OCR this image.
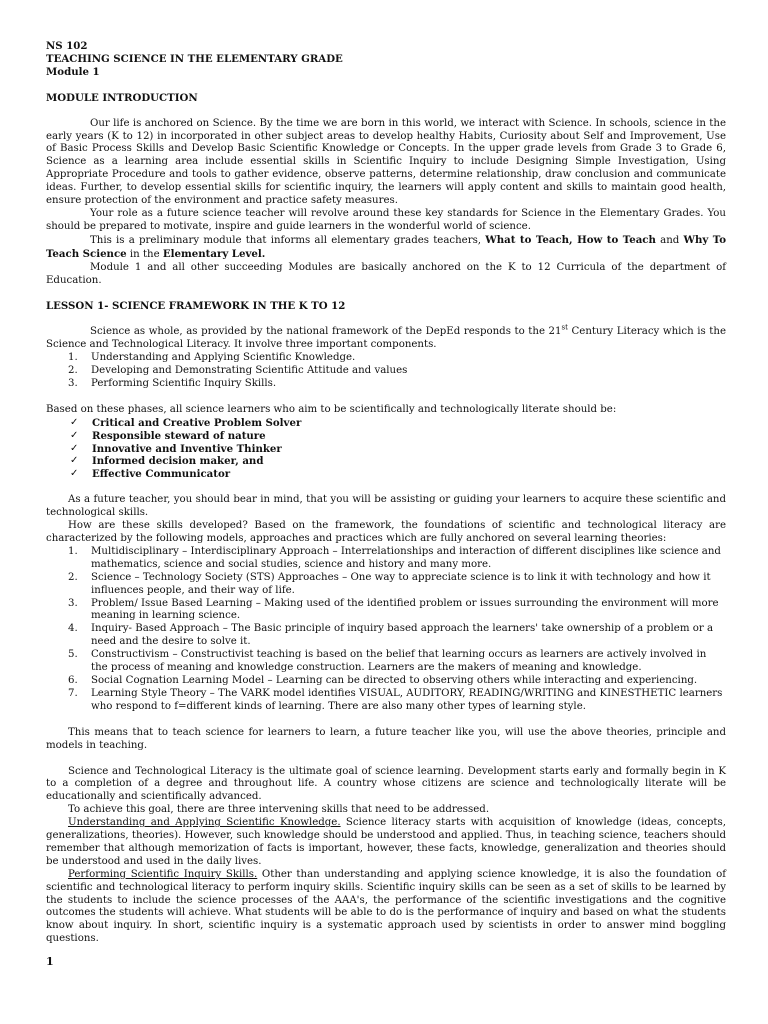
NS 102

TEACHING SCIENCE IN THE ELEMENTARY GRADE

Module 1

MODULE INTRODUCTION

Our life is anchored on Science. By the time we are born in this world, we interact with Science. In schools, science in the early years (K to 12) in incorporated in other subject areas to develop healthy Habits, Curiosity about Self and Improvement, Use of Basic Process Skills and Develop Basic Scientific Knowledge or Concepts. In the upper grade levels from Grade 3 to Grade 6, Science as a learning area include essential skills in Scientific Inquiry to include Designing Simple Investigation, Using Appropriate Procedure and tools to gather evidence, observe patterns, determine relationship, draw conclusion and communicate ideas. Further, to develop essential skills for scientific inquiry, the learners will apply content and skills to maintain good health, ensure protection of the environment and practice safety measures.

Your role as a future science teacher will revolve around these key standards for Science in the Elementary Grades. You should be prepared to motivate, inspire and guide learners in the wonderful world of science.

This is a preliminary module that informs all elementary grades teachers, What to Teach, How to Teach and Why To Teach Science in the Elementary Level.

Module 1 and all other succeeding Modules are basically anchored on the K to 12 Curricula of the department of Education.

LESSON 1- SCIENCE FRAMEWORK IN THE K TO 12

Science as whole, as provided by the national framework of the DepEd responds to the 21st Century Literacy which is the Science and Technological Literacy. It involve three important components.

1. Understanding and Applying Scientific Knowledge.
2. Developing and Demonstrating Scientific Attitude and values
3. Performing Scientific Inquiry Skills.

Based on these phases, all science learners who aim to be scientifically and technologically literate should be:

✓ Critical and Creative Problem Solver
✓ Responsible steward of nature
✓ Innovative and Inventive Thinker
✓ Informed decision maker, and
✓ Effective Communicator

As a future teacher, you should bear in mind, that you will be assisting or guiding your learners to acquire these scientific and technological skills.

How are these skills developed? Based on the framework, the foundations of scientific and technological literacy are characterized by the following models, approaches and practices which are fully anchored on several learning theories:

1. Multidisciplinary – Interdisciplinary Approach – Interrelationships and interaction of different disciplines like science and mathematics, science and social studies, science and history and many more.
2. Science – Technology Society (STS) Approaches – One way to appreciate science is to link it with technology and how it influences people, and their way of life.
3. Problem/ Issue Based Learning – Making used of the identified problem or issues surrounding the environment will more meaning in learning science.
4. Inquiry- Based Approach – The Basic principle of inquiry based approach the learners' take ownership of a problem or a need and the desire to solve it.
5. Constructivism – Constructivist teaching is based on the belief that learning occurs as learners are actively involved in the process of meaning and knowledge construction. Learners are the makers of meaning and knowledge.
6. Social Cognation Learning Model – Learning can be directed to observing others while interacting and experiencing.
7. Learning Style Theory – The VARK model identifies VISUAL, AUDITORY, READING/WRITING and KINESTHETIC learners who respond to f=different kinds of learning. There are also many other types of learning style.

This means that to teach science for learners to learn, a future teacher like you, will use the above theories, principle and models in teaching.

Science and Technological Literacy is the ultimate goal of science learning. Development starts early and formally begin in K to a completion of a degree and throughout life. A country whose citizens are science and technologically literate will be educationally and scientifically advanced.

To achieve this goal, there are three intervening skills that need to be addressed.

Understanding and Applying Scientific Knowledge. Science literacy starts with acquisition of knowledge (ideas, concepts, generalizations, theories). However, such knowledge should be understood and applied. Thus, in teaching science, teachers should remember that although memorization of facts is important, however, these facts, knowledge, generalization and theories should be understood and used in the daily lives.

Performing Scientific Inquiry Skills. Other than understanding and applying science knowledge, it is also the foundation of scientific and technological literacy to perform inquiry skills. Scientific inquiry skills can be seen as a set of skills to be learned by the students to include the science processes of the AAA's, the performance of the scientific investigations and the cognitive outcomes the students will achieve. What students will be able to do is the performance of inquiry and based on what the students know about inquiry. In short, scientific inquiry is a systematic approach used by scientists in order to answer mind boggling questions.

1
